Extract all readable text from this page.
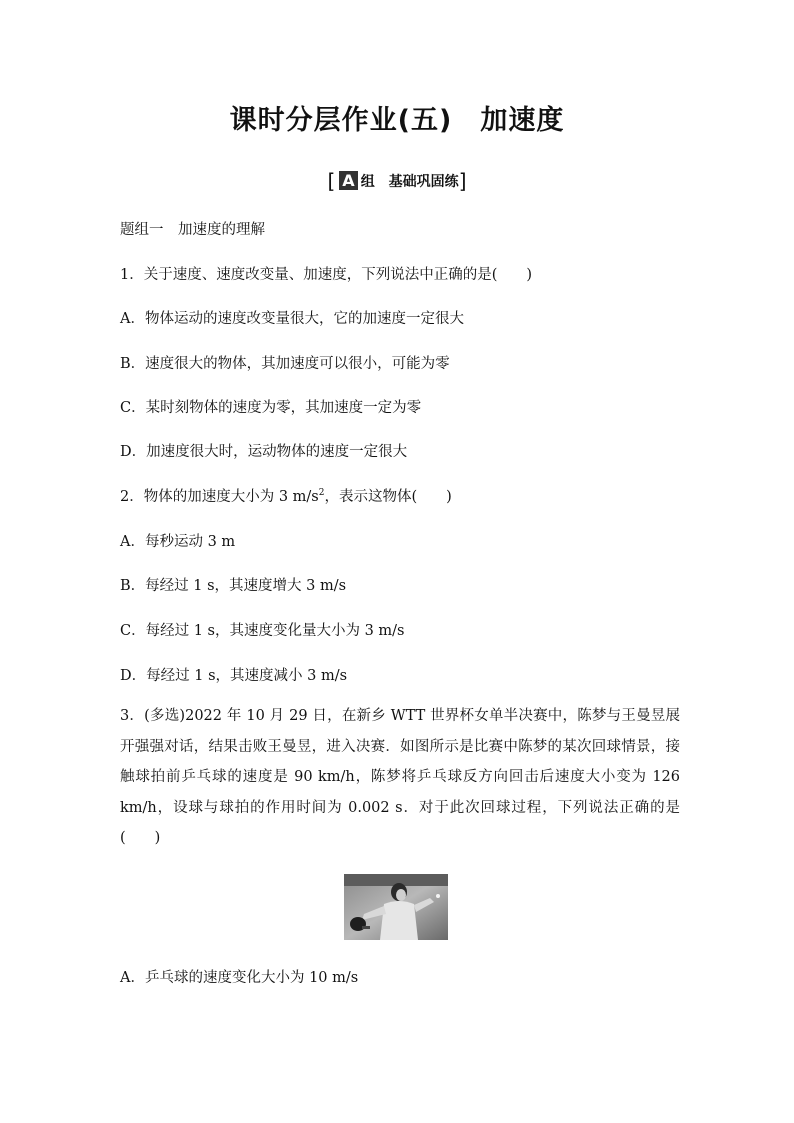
课时分层作业(五) 加速度
[ A 组　基础巩固练]
题组一　加速度的理解
1．关于速度、速度改变量、加速度，下列说法中正确的是(　　)
A．物体运动的速度改变量很大，它的加速度一定很大
B．速度很大的物体，其加速度可以很小，可能为零
C．某时刻物体的速度为零，其加速度一定为零
D．加速度很大时，运动物体的速度一定很大
2．物体的加速度大小为 3 $m/s^2$，表示这物体(　　)
A．每秒运动 3 m
B．每经过 1 s，其速度增大 3 m/s
C．每经过 1 s，其速度变化量大小为 3 m/s
D．每经过 1 s，其速度减小 3 m/s
3．(多选)2022 年 10 月 29 日，在新乡 WTT 世界杯女单半决赛中，陈梦与王曼昱展开强强对话，结果击败王曼昱，进入决赛．如图所示是比赛中陈梦的某次回球情景，接触球拍前乒乓球的速度是 90 km/h，陈梦将乒乓球反方向回击后速度大小变为 126 km/h，设球与球拍的作用时间为 0.002 s．对于此次回球过程，下列说法正确的是(　　)
A．乒乓球的速度变化大小为 10 m/s
